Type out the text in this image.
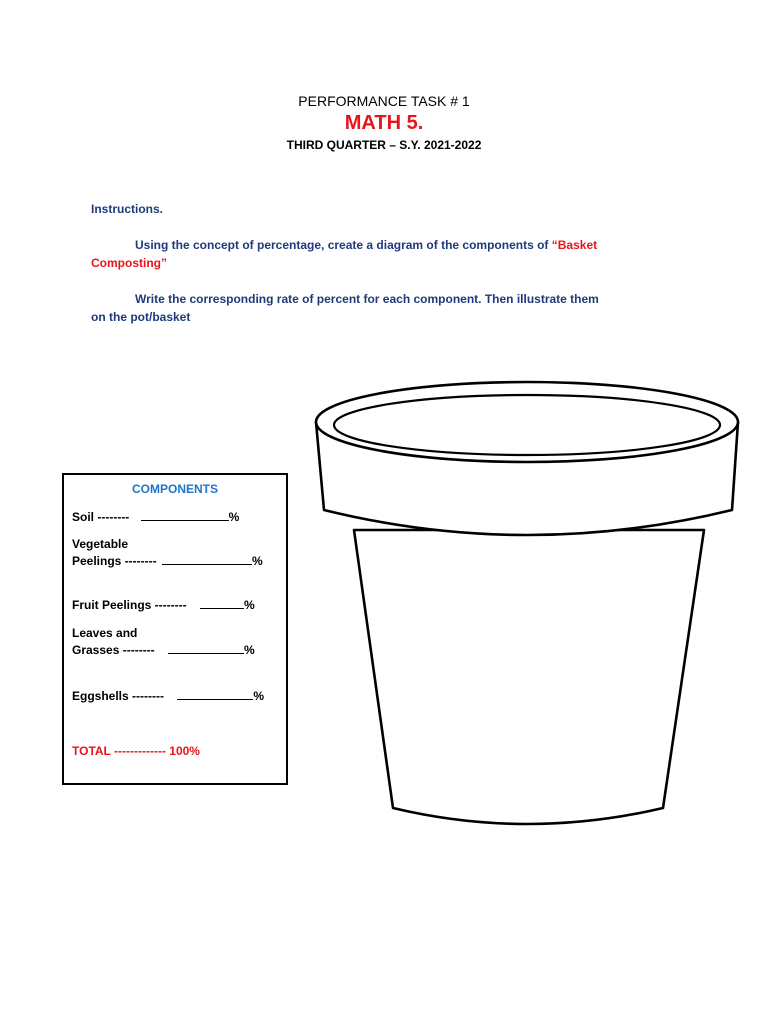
PERFORMANCE TASK # 1
MATH 5.
THIRD QUARTER – S.Y. 2021-2022
Instructions.
Using the concept of percentage, create a diagram of the components of “Basket
Composting”
Write the corresponding rate of percent for each component. Then illustrate them
on the pot/basket
COMPONENTS
Soil --------	%
Vegetable
Peelings --------	%
Fruit Peelings --------	%
Leaves and
Grasses --------	%
Eggshells --------	%
TOTAL ------------- 100%
